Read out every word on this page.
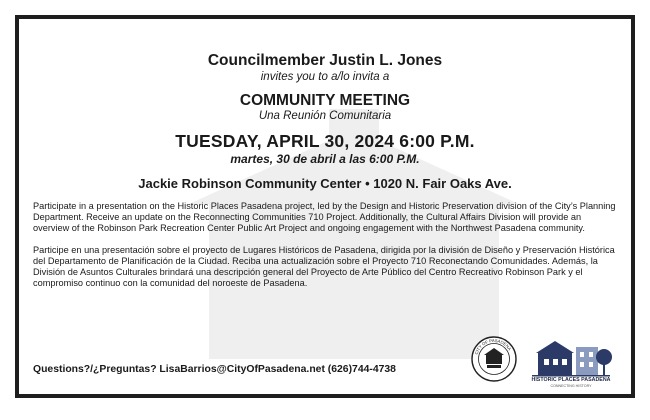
Councilmember Justin L. Jones
invites you to a/lo invita a
COMMUNITY MEETING
Una Reunión Comunitaria
TUESDAY, APRIL 30, 2024 6:00 P.M.
martes, 30 de abril a las 6:00 P.M.
Jackie Robinson Community Center • 1020 N. Fair Oaks Ave.

Participate in a presentation on the Historic Places Pasadena project, led by the Design and Historic Preservation division of the City’s Planning Department. Receive an update on the Reconnecting Communities 710 Project. Additionally, the Cultural Affairs Division will provide an overview of the Robinson Park Recreation Center Public Art Project and ongoing engagement with the Northwest Pasadena community.

Participe en una presentación sobre el proyecto de Lugares Históricos de Pasadena, dirigida por la división de Diseño y Preservación Histórica del Departamento de Planificación de la Ciudad. Reciba una actualización sobre el Proyecto 710 Reconectando Comunidades. Además, la División de Asuntos Culturales brindará una descripción general del Proyecto de Arte Público del Centro Recreativo Robinson Park y el compromiso continuo con la comunidad del noroeste de Pasadena.

Questions?/¿Preguntas? LisaBarrios@CityOfPasadena.net (626)744-4738
CITY OF PASADENA
HISTORIC PLACES PASADENA
CONNECTING HISTORY
